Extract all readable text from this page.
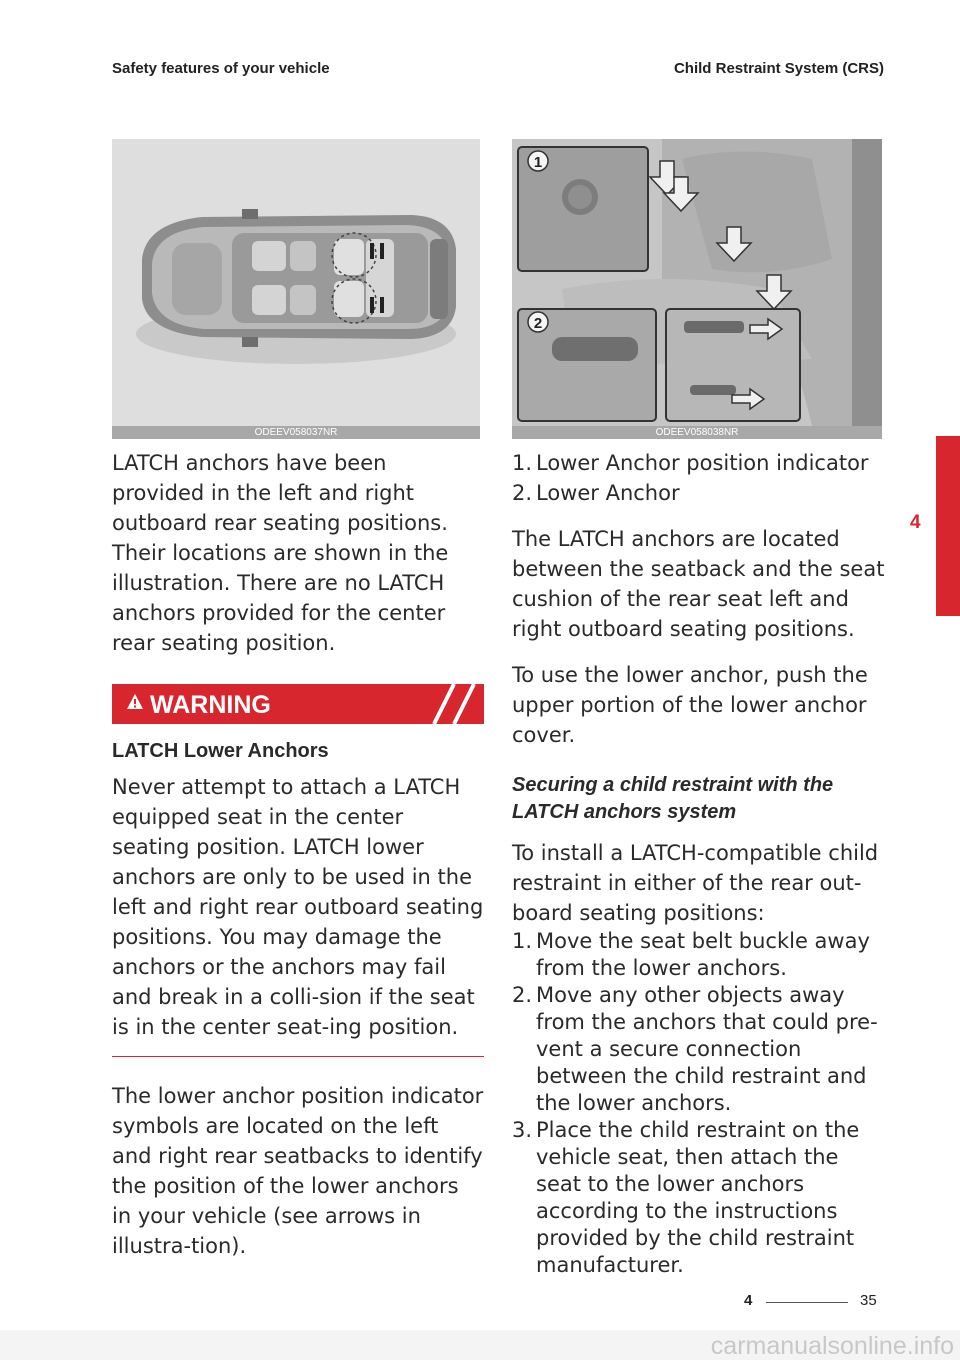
Safety features of your vehicle	Child Restraint System (CRS)
ODEEV058037NR
1
2
ODEEV058038NR

LATCH anchors have been provided in the left and right outboard rear seating positions. Their locations are shown in the illustration. There are no LATCH anchors provided for the center rear seating position.

WARNING
LATCH Lower Anchors

Never attempt to attach a LATCH equipped seat in the center seating position. LATCH lower anchors are only to be used in the left and right rear outboard seating positions. You may damage the anchors or the anchors may fail and break in a colli-sion if the seat is in the center seat-ing position.

The lower anchor position indicator symbols are located on the left and right rear seatbacks to identify the position of the lower anchors in your vehicle (see arrows in illustra-tion).

1. Lower Anchor position indicator
2. Lower Anchor

The LATCH anchors are located between the seatback and the seat cushion of the rear seat left and right outboard seating positions.

To use the lower anchor, push the upper portion of the lower anchor cover.

Securing a child restraint with the LATCH anchors system

To install a LATCH-compatible child restraint in either of the rear out-board seating positions:

1. Move the seat belt buckle away from the lower anchors.
2. Move any other objects away from the anchors that could pre-vent a secure connection between the child restraint and the lower anchors.
3. Place the child restraint on the vehicle seat, then attach the seat to the lower anchors according to the instructions provided by the child restraint manufacturer.
4
4	35
carmanualsonline.info
